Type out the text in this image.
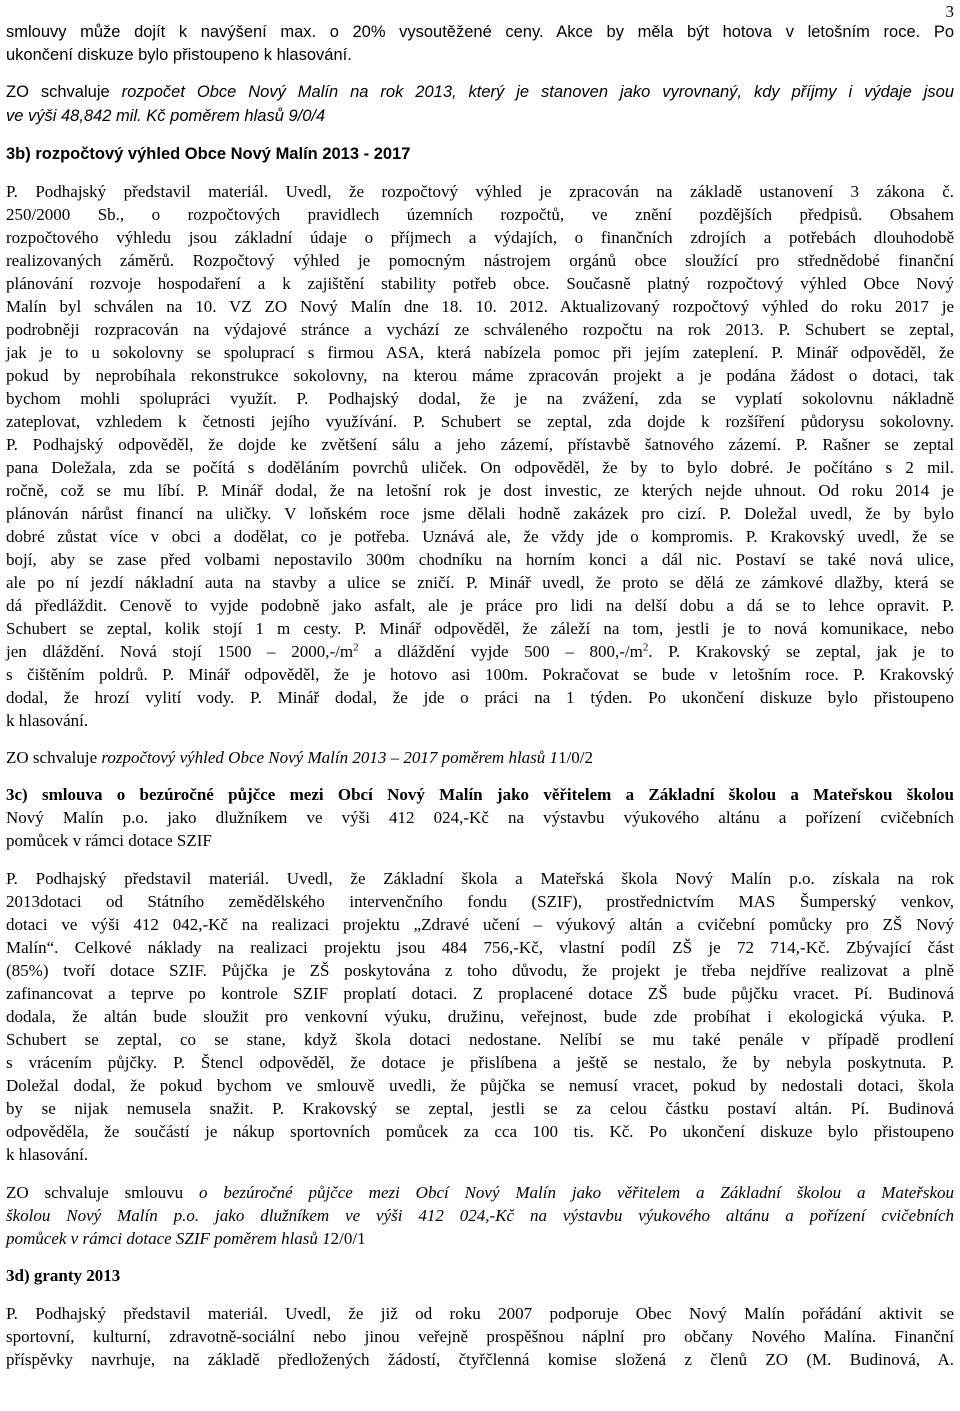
3
smlouvy může dojít k navýšení max. o 20% vysoutěžené ceny. Akce by měla být hotova v letošním roce. Po
ukončení diskuze bylo přistoupeno k hlasování.
ZO schvaluje rozpočet Obce Nový Malín na rok 2013, který je stanoven jako vyrovnaný, kdy příjmy i výdaje jsou
ve výši 48,842 mil. Kč poměrem hlasů 9/0/4
3b) rozpočtový výhled Obce Nový Malín 2013 - 2017
P. Podhajský představil materiál. Uvedl, že rozpočtový výhled je zpracován na základě ustanovení 3 zákona č.
250/2000 Sb., o rozpočtových pravidlech územních rozpočtů, ve znění pozdějších předpisů. Obsahem
rozpočtového výhledu jsou základní údaje o příjmech a výdajích, o finančních zdrojích a potřebách dlouhodobě
realizovaných záměrů. Rozpočtový výhled je pomocným nástrojem orgánů obce sloužící pro střednědobé finanční
plánování rozvoje hospodaření a k zajištění stability potřeb obce. Současně platný rozpočtový výhled Obce Nový
Malín byl schválen na 10. VZ ZO Nový Malín dne 18. 10. 2012. Aktualizovaný rozpočtový výhled do roku 2017 je
podrobněji rozpracován na výdajové stránce a vychází ze schváleného rozpočtu na rok 2013. P. Schubert se zeptal,
jak je to u sokolovny se spoluprací s firmou ASA, která nabízela pomoc při jejím zateplení. P. Minář odpověděl, že
pokud by neprobíhala rekonstrukce sokolovny, na kterou máme zpracován projekt a je podána žádost o dotaci, tak
bychom mohli spolupráci využít. P. Podhajský dodal, že je na zvážení, zda se vyplatí sokolovnu nákladně
zateplovat, vzhledem k četnosti jejího využívání. P. Schubert se zeptal, zda dojde k rozšíření půdorysu sokolovny.
P. Podhajský odpověděl, že dojde ke zvětšení sálu a jeho zázemí, přístavbě šatnového zázemí. P. Rašner se zeptal
pana Doležala, zda se počítá s doděláním povrchů uliček. On odpověděl, že by to bylo dobré. Je počítáno s 2 mil.
ročně, což se mu líbí. P. Minář dodal, že na letošní rok je dost investic, ze kterých nejde uhnout. Od roku 2014 je
plánován nárůst financí na uličky. V loňském roce jsme dělali hodně zakázek pro cizí. P. Doležal uvedl, že by bylo
dobré zůstat více v obci a dodělat, co je potřeba. Uznává ale, že vždy jde o kompromis. P. Krakovský uvedl, že se
bojí, aby se zase před volbami nepostavilo 300m chodníku na horním konci a dál nic. Postaví se také nová ulice,
ale po ní jezdí nákladní auta na stavby a ulice se zničí. P. Minář uvedl, že proto se dělá ze zámkové dlažby, která se
dá předláždit. Cenově to vyjde podobně jako asfalt, ale je práce pro lidi na delší dobu a dá se to lehce opravit. P.
Schubert se zeptal, kolik stojí 1 m cesty. P. Minář odpověděl, že záleží na tom, jestli je to nová komunikace, nebo
jen dláždění. Nová stojí $1500 - 2000,-/m^2$ a dláždění vyjde $500 - 800,-/m^2$. P. Krakovský se zeptal, jak je to
s čištěním poldrů. P. Minář odpověděl, že je hotovo asi 100m. Pokračovat se bude v letošním roce. P. Krakovský
dodal, že hrozí vylití vody. P. Minář dodal, že jde o práci na 1 týden. Po ukončení diskuze bylo přistoupeno
k hlasování.
ZO schvaluje rozpočtový výhled Obce Nový Malín 2013 – 2017 poměrem hlasů 11/0/2
3c) smlouva o bezúročné půjčce mezi Obcí Nový Malín jako věřitelem a Základní školou a Mateřskou školou
Nový Malín p.o. jako dlužníkem ve výši 412 024,-Kč na výstavbu výukového altánu a pořízení cvičebních
pomůcek v rámci dotace SZIF
P. Podhajský představil materiál. Uvedl, že Základní škola a Mateřská škola Nový Malín p.o. získala na rok
2013dotaci od Státního zemědělského intervenčního fondu (SZIF), prostřednictvím MAS Šumperský venkov,
dotaci ve výši 412 042,-Kč na realizaci projektu „Zdravé učení – výukový altán a cvičební pomůcky pro ZŠ Nový
Malín“. Celkové náklady na realizaci projektu jsou 484 756,-Kč, vlastní podíl ZŠ je 72 714,-Kč. Zbývající část
(85%) tvoří dotace SZIF. Půjčka je ZŠ poskytována z toho důvodu, že projekt je třeba nejdříve realizovat a plně
zafinancovat a teprve po kontrole SZIF proplatí dotaci. Z proplacené dotace ZŠ bude půjčku vracet. Pí. Budinová
dodala, že altán bude sloužit pro venkovní výuku, družinu, veřejnost, bude zde probíhat i ekologická výuka. P.
Schubert se zeptal, co se stane, když škola dotaci nedostane. Nelíbí se mu také penále v případě prodlení
s vrácením půjčky. P. Štencl odpověděl, že dotace je přislíbena a ještě se nestalo, že by nebyla poskytnuta. P.
Doležal dodal, že pokud bychom ve smlouvě uvedli, že půjčka se nemusí vracet, pokud by nedostali dotaci, škola
by se nijak nemusela snažit. P. Krakovský se zeptal, jestli se za celou částku postaví altán. Pí. Budinová
odpověděla, že součástí je nákup sportovních pomůcek za cca 100 tis. Kč. Po ukončení diskuze bylo přistoupeno
k hlasování.
ZO schvaluje smlouvu o bezúročné půjčce mezi Obcí Nový Malín jako věřitelem a Základní školou a Mateřskou
školou Nový Malín p.o. jako dlužníkem ve výši 412 024,-Kč na výstavbu výukového altánu a pořízení cvičebních
pomůcek v rámci dotace SZIF poměrem hlasů 12/0/1
3d) granty 2013
P. Podhajský představil materiál. Uvedl, že již od roku 2007 podporuje Obec Nový Malín pořádání aktivit se
sportovní, kulturní, zdravotně-sociální nebo jinou veřejně prospěšnou náplní pro občany Nového Malína. Finanční
příspěvky navrhuje, na základě předložených žádostí, čtyřčlenná komise složená z členů ZO (M. Budinová, A.
